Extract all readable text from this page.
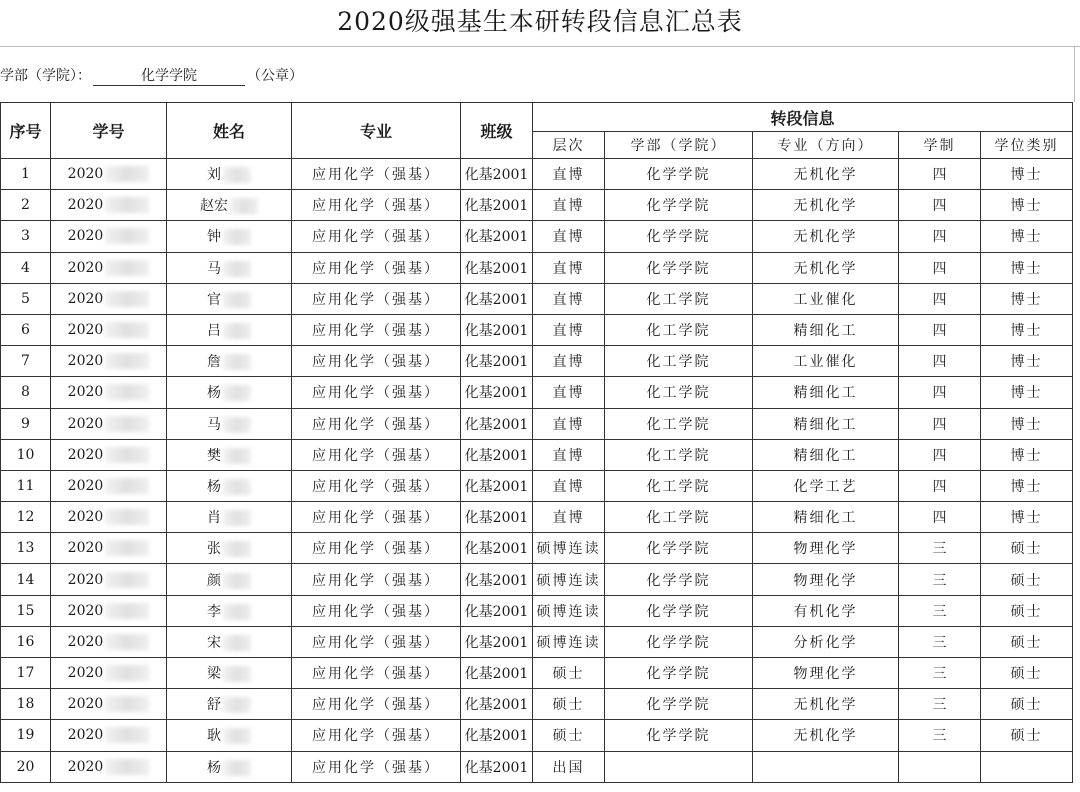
2020级强基生本研转段信息汇总表
学部（学院）：	化学学院	（公章）
序号	学号	姓名	专业	班级	转段信息				
					层次	学部（学院）	专业（方向）	学制	学位类别
1	2020	刘	应用化学（强基）	化基2001	直博	化学学院	无机化学	四	博士
2	2020	赵宏	应用化学（强基）	化基2001	直博	化学学院	无机化学	四	博士
3	2020	钟	应用化学（强基）	化基2001	直博	化学学院	无机化学	四	博士
4	2020	马	应用化学（强基）	化基2001	直博	化学学院	无机化学	四	博士
5	2020	官	应用化学（强基）	化基2001	直博	化工学院	工业催化	四	博士
6	2020	吕	应用化学（强基）	化基2001	直博	化工学院	精细化工	四	博士
7	2020	詹	应用化学（强基）	化基2001	直博	化工学院	工业催化	四	博士
8	2020	杨	应用化学（强基）	化基2001	直博	化工学院	精细化工	四	博士
9	2020	马	应用化学（强基）	化基2001	直博	化工学院	精细化工	四	博士
10	2020	樊	应用化学（强基）	化基2001	直博	化工学院	精细化工	四	博士
11	2020	杨	应用化学（强基）	化基2001	直博	化工学院	化学工艺	四	博士
12	2020	肖	应用化学（强基）	化基2001	直博	化工学院	精细化工	四	博士
13	2020	张	应用化学（强基）	化基2001	硕博连读	化学学院	物理化学	三	硕士
14	2020	颜	应用化学（强基）	化基2001	硕博连读	化学学院	物理化学	三	硕士
15	2020	李	应用化学（强基）	化基2001	硕博连读	化学学院	有机化学	三	硕士
16	2020	宋	应用化学（强基）	化基2001	硕博连读	化学学院	分析化学	三	硕士
17	2020	梁	应用化学（强基）	化基2001	硕士	化学学院	物理化学	三	硕士
18	2020	舒	应用化学（强基）	化基2001	硕士	化学学院	无机化学	三	硕士
19	2020	耿	应用化学（强基）	化基2001	硕士	化学学院	无机化学	三	硕士
20	2020	杨	应用化学（强基）	化基2001	出国				
